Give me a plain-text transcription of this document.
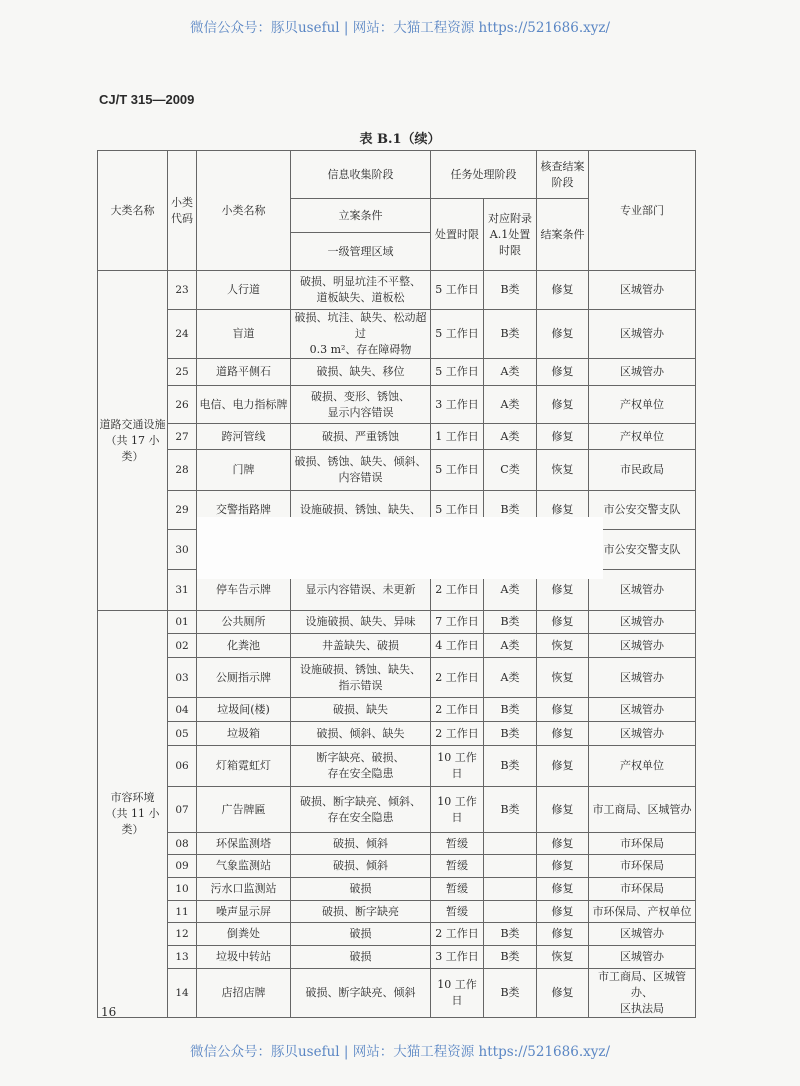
微信公众号：豚贝useful | 网站：大猫工程资源 https://521686.xyz/
CJ/T 315—2009
表 B.1（续）
大类名称	小类代码	小类名称	信息收集阶段	任务处理阶段		核查结案阶段	专业部门
			立案条件	处置时限	对应附录A.1处置时限	结案条件	
			一级管理区域				

道路交通设施
（共 17 小类）	23	人行道	破损、明显坑洼不平整、
道板缺失、道板松	5 工作日	B类	修复	区城管办

	24	盲道	破损、坑洼、缺失、松动超过
0.3 m²、存在障碍物	5 工作日	B类	修复	区城管办

	25	道路平侧石	破损、缺失、移位	5 工作日	A类	修复	区城管办

	26	电信、电力指标牌	破损、变形、锈蚀、
显示内容错误	3 工作日	A类	修复	产权单位

	27	跨河管线	破损、严重锈蚀	1 工作日	A类	修复	产权单位

	28	门牌	破损、锈蚀、缺失、倾斜、
内容错误	5 工作日	C类	恢复	市民政局

	29	交警指路牌	设施破损、锈蚀、缺失、	5 工作日	B类	修复	市公安交警支队

	30						市公安交警支队

	31	停车告示牌	显示内容错误、未更新	2 工作日	A类	修复	区城管办

市容环境
（共 11 小类）	01	公共厕所	设施破损、缺失、异味	7 工作日	B类	修复	区城管办

	02	化粪池	井盖缺失、破损	4 工作日	A类	恢复	区城管办

	03	公厕指示牌	设施破损、锈蚀、缺失、
指示错误	2 工作日	A类	恢复	区城管办

	04	垃圾间(楼)	破损、缺失	2 工作日	B类	修复	区城管办

	05	垃圾箱	破损、倾斜、缺失	2 工作日	B类	修复	区城管办

	06	灯箱霓虹灯	断字缺亮、破损、
存在安全隐患	10 工作日	B类	修复	产权单位

	07	广告牌匾	破损、断字缺亮、倾斜、
存在安全隐患	10 工作日	B类	修复	市工商局、区城管办

	08	环保监测塔	破损、倾斜	暂缓		修复	市环保局

	09	气象监测站	破损、倾斜	暂缓		修复	市环保局

	10	污水口监测站	破损	暂缓		修复	市环保局

	11	噪声显示屏	破损、断字缺亮	暂缓		修复	市环保局、产权单位

	12	倒粪处	破损	2 工作日	B类	修复	区城管办

	13	垃圾中转站	破损	3 工作日	B类	恢复	区城管办

	14	店招店牌	破损、断字缺亮、倾斜	10 工作日	B类	修复	市工商局、区城管办、
区执法局
16
微信公众号：豚贝useful | 网站：大猫工程资源 https://521686.xyz/
